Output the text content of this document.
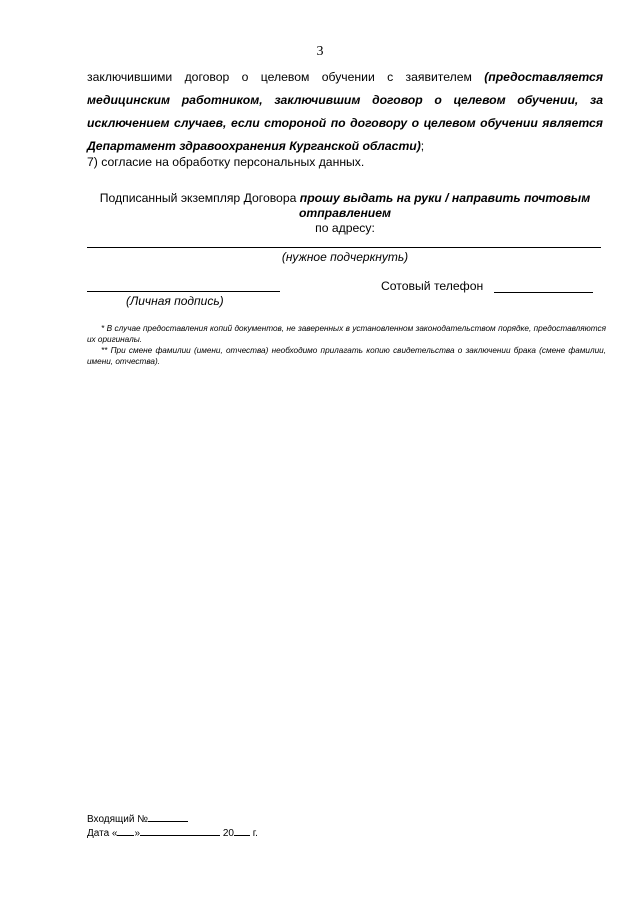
3
заключившими договор о целевом обучении с заявителем (предоставляется медицинским работником, заключившим договор о целевом обучении, за исключением случаев, если стороной по договору о целевом обучении является Департамент здравоохранения Курганской области);
7) согласие на обработку персональных данных.
Подписанный экземпляр Договора прошу выдать на руки / направить почтовым отправлением
по адресу:
(нужное подчеркнуть)
(Личная подпись)
Сотовый телефон

* В случае предоставления копий документов, не заверенных в установленном законодательством порядке, предоставляются их оригиналы.

** При смене фамилии (имени, отчества) необходимо прилагать копию свидетельства о заключении брака (смене фамилии, имени, отчества).

Входящий №
Дата « »	20 г.
